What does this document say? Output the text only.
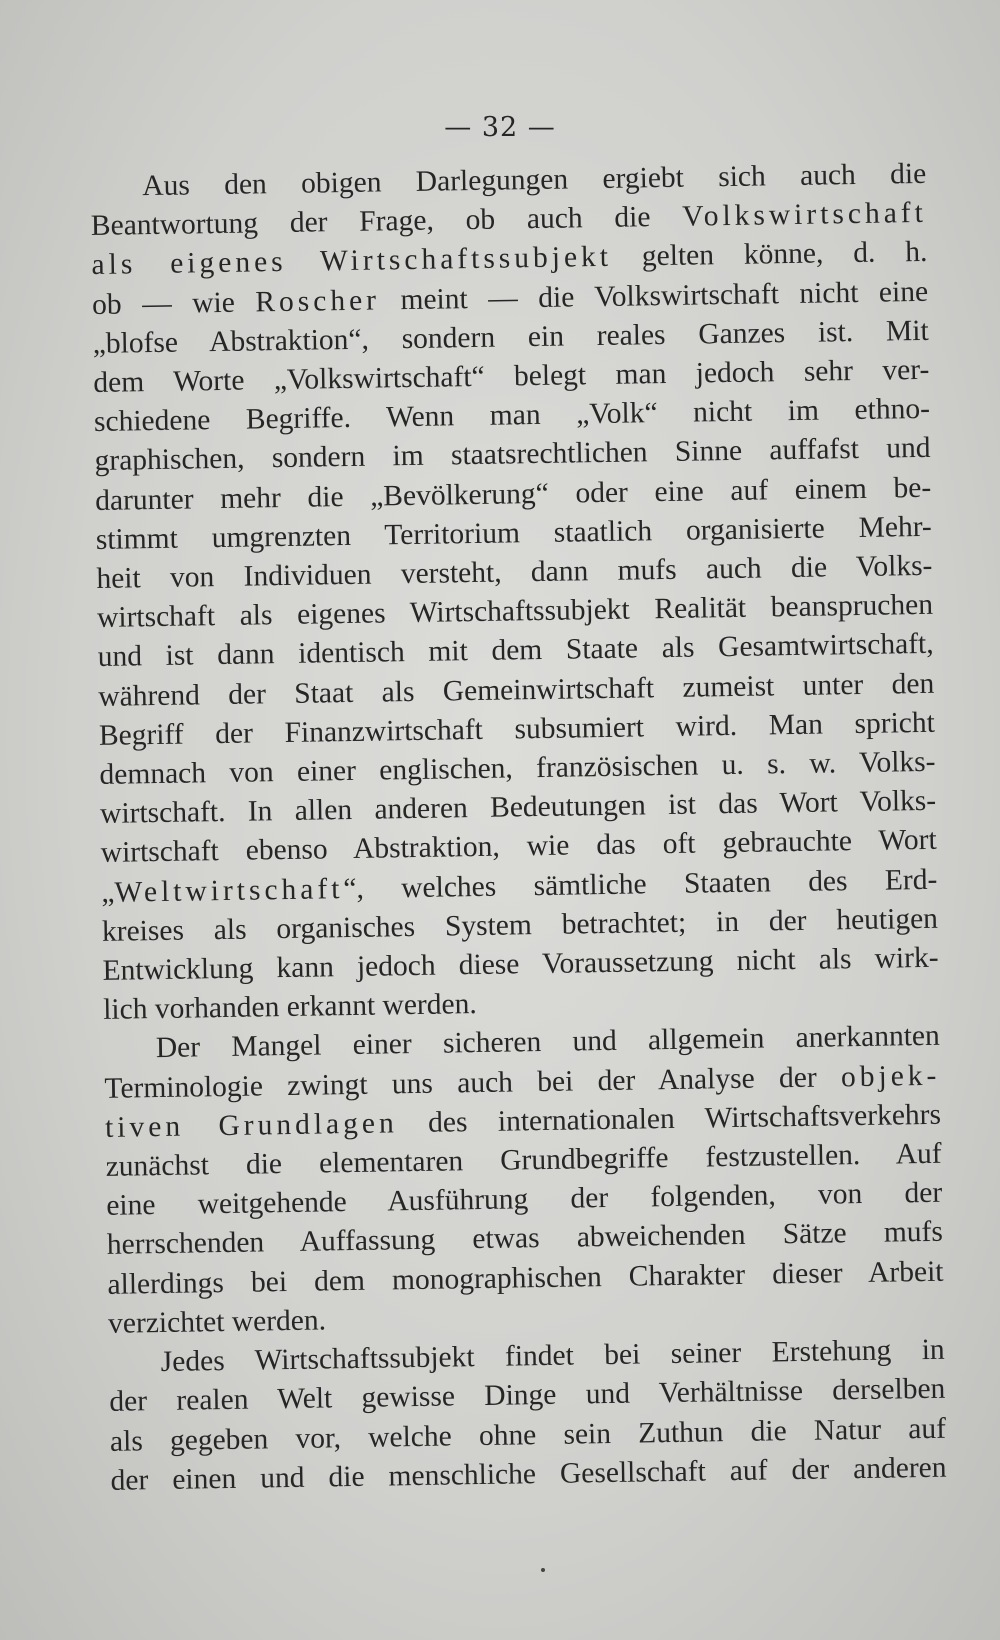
— 32 —
Aus den obigen Darlegungen ergiebt sich auch die
Beantwortung der Frage, ob auch die Volkswirtschaft
als eigenes Wirtschaftssubjekt gelten könne, d. h.
ob — wie Roscher meint — die Volkswirtschaft nicht eine
„blofse Abstraktion“, sondern ein reales Ganzes ist. Mit
dem Worte „Volkswirtschaft“ belegt man jedoch sehr ver-
schiedene Begriffe. Wenn man „Volk“ nicht im ethno-
graphischen, sondern im staatsrechtlichen Sinne auffafst und
darunter mehr die „Bevölkerung“ oder eine auf einem be-
stimmt umgrenzten Territorium staatlich organisierte Mehr-
heit von Individuen versteht, dann mufs auch die Volks-
wirtschaft als eigenes Wirtschaftssubjekt Realität beanspruchen
und ist dann identisch mit dem Staate als Gesamtwirtschaft,
während der Staat als Gemeinwirtschaft zumeist unter den
Begriff der Finanzwirtschaft subsumiert wird. Man spricht
demnach von einer englischen, französischen u. s. w. Volks-
wirtschaft. In allen anderen Bedeutungen ist das Wort Volks-
wirtschaft ebenso Abstraktion, wie das oft gebrauchte Wort
„Weltwirtschaft“, welches sämtliche Staaten des Erd-
kreises als organisches System betrachtet; in der heutigen
Entwicklung kann jedoch diese Voraussetzung nicht als wirk-
lich vorhanden erkannt werden.
Der Mangel einer sicheren und allgemein anerkannten
Terminologie zwingt uns auch bei der Analyse der objek-
tiven Grundlagen des internationalen Wirtschaftsverkehrs
zunächst die elementaren Grundbegriffe festzustellen. Auf
eine weitgehende Ausführung der folgenden, von der
herrschenden Auffassung etwas abweichenden Sätze mufs
allerdings bei dem monographischen Charakter dieser Arbeit
verzichtet werden.
Jedes Wirtschaftssubjekt findet bei seiner Erstehung in
der realen Welt gewisse Dinge und Verhältnisse derselben
als gegeben vor, welche ohne sein Zuthun die Natur auf
der einen und die menschliche Gesellschaft auf der anderen
